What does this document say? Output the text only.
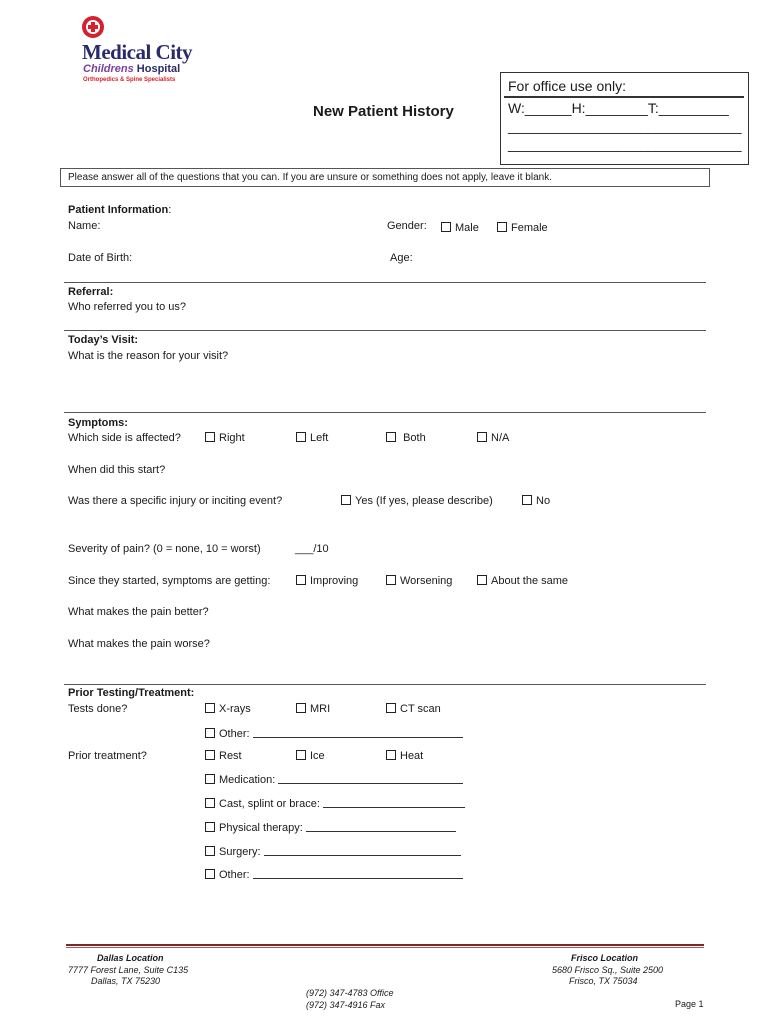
Medical City
Childrens Hospital
Orthopedics & Spine Specialists	For office use only:
W:______H:________T:_________
______________________________
______________________________
New Patient History
Please answer all of the questions that you can. If you are unsure or something does not apply, leave it blank.
Patient Information:
Name:	Gender:	Male	Female
Date of Birth:	Age:
Referral:
Who referred you to us?
Today’s Visit:
What is the reason for your visit?
Symptoms:
Which side is affected?	Right	Left	Both	N/A
When did this start?
Was there a specific injury or inciting event?	Yes (If yes, please describe)	No
Severity of pain? (0 = none, 10 = worst)	___/10
Since they started, symptoms are getting:	Improving	Worsening	About the same
What makes the pain better?
What makes the pain worse?
Prior Testing/Treatment:
Tests done?	X-rays	MRI	CT scan
Other:
Prior treatment?	Rest	Ice	Heat
Medication:
Cast, splint or brace:
Physical therapy:
Surgery:
Other:
Dallas Location
7777 Forest Lane, Suite C135
Dallas, TX 75230
Frisco Location
5680 Frisco Sq., Suite 2500
Frisco, TX 75034
(972) 347-4783 Office
(972) 347-4916 Fax	Page 1
